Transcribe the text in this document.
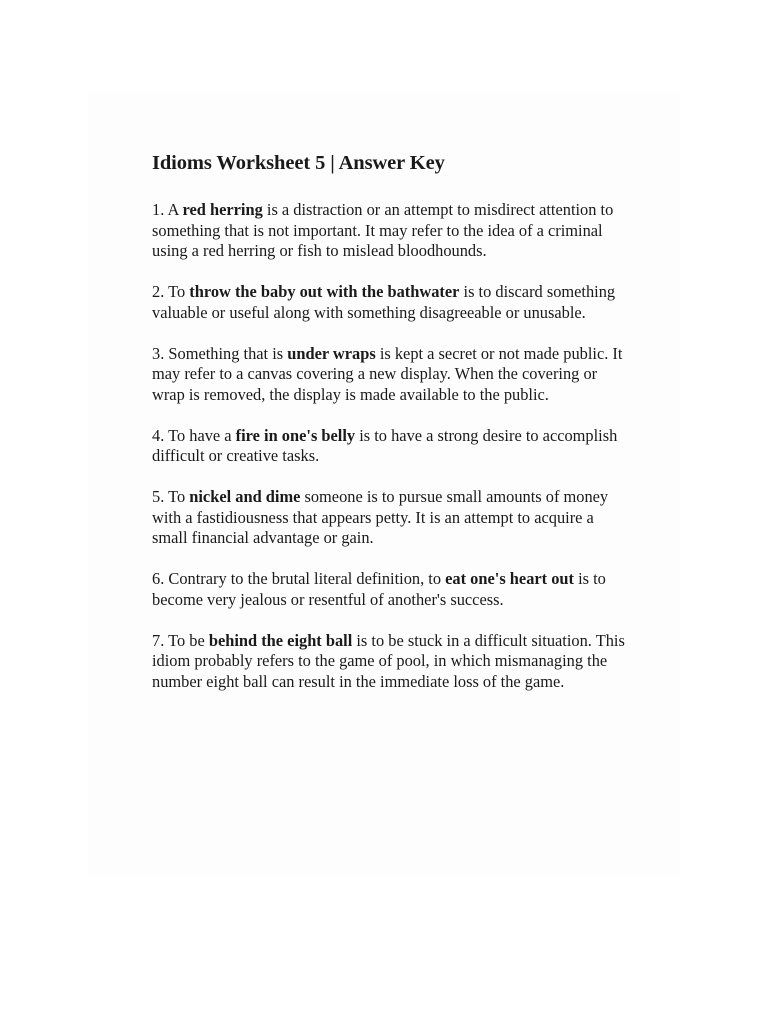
Idioms Worksheet 5 | Answer Key
1. A red herring is a distraction or an attempt to misdirect attention to something that is not important. It may refer to the idea of a criminal using a red herring or fish to mislead bloodhounds.
2. To throw the baby out with the bathwater is to discard something valuable or useful along with something disagreeable or unusable.
3. Something that is under wraps is kept a secret or not made public. It may refer to a canvas covering a new display. When the covering or wrap is removed, the display is made available to the public.
4. To have a fire in one's belly is to have a strong desire to accomplish difficult or creative tasks.
5. To nickel and dime someone is to pursue small amounts of money with a fastidiousness that appears petty. It is an attempt to acquire a small financial advantage or gain.
6. Contrary to the brutal literal definition, to eat one's heart out is to become very jealous or resentful of another's success.
7. To be behind the eight ball is to be stuck in a difficult situation. This idiom probably refers to the game of pool, in which mismanaging the number eight ball can result in the immediate loss of the game.
